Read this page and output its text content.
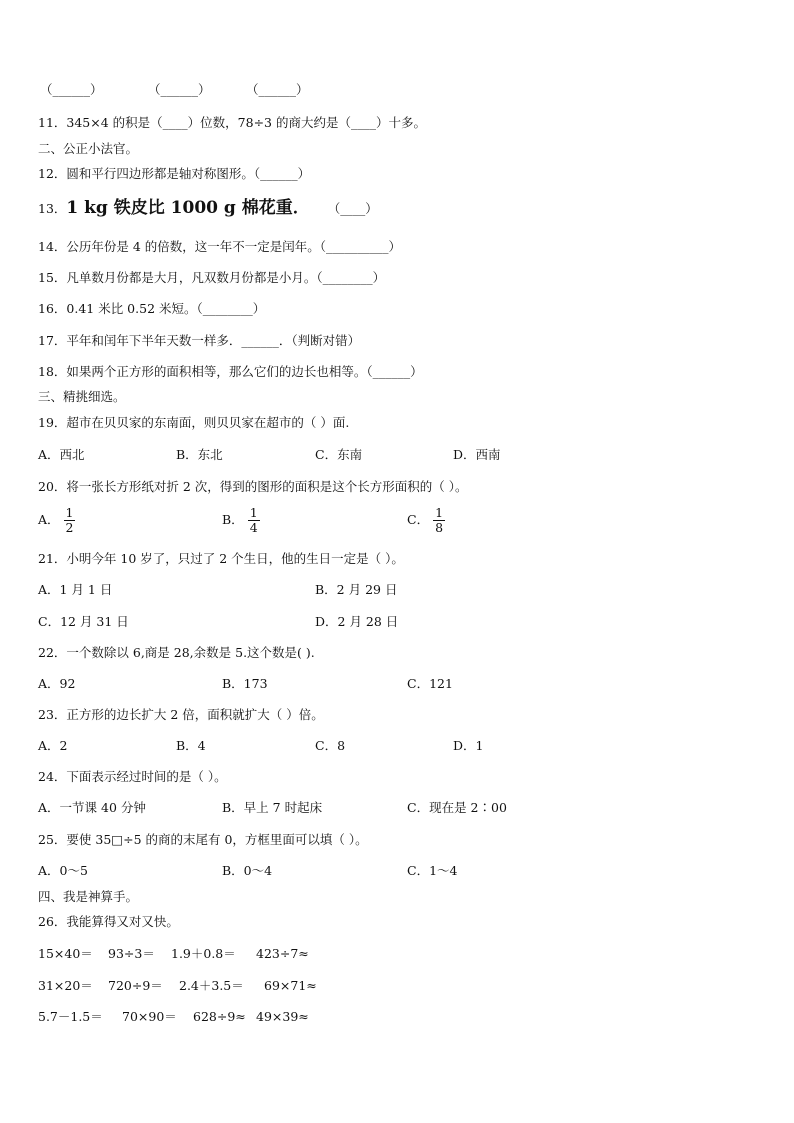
（______）	（______）	（______）
11．345×4 的积是（____）位数，78÷3 的商大约是（____）十多。
二、公正小法官。
12．圆和平行四边形都是轴对称图形。（______）
13．1 kg 铁皮比 1000 g 棉花重． （____）
14．公历年份是 4 的倍数，这一年不一定是闰年。（__________）
15．凡单数月份都是大月，凡双数月份都是小月。（________）
16．0.41 米比 0.52 米短。（________）
17．平年和闰年下半年天数一样多．______．（判断对错）
18．如果两个正方形的面积相等，那么它们的边长也相等。（______）
三、精挑细选。
19．超市在贝贝家的东南面，则贝贝家在超市的（ ）面.
A．西北	B．东北	C．东南	D．西南
20．将一张长方形纸对折 2 次，得到的图形的面积是这个长方形面积的（ ）。
A． $\frac{1}{2}$	B． $\frac{1}{4}$	C． $\frac{1}{8}$
21．小明今年 10 岁了，只过了 2 个生日，他的生日一定是（ ）。
A．1 月 1 日	B．2 月 29 日
C．12 月 31 日	D．2 月 28 日
22．一个数除以 6,商是 28,余数是 5.这个数是( ).
A．92	B．173	C．121
23．正方形的边长扩大 2 倍，面积就扩大（ ）倍。
A．2	B．4	C．8	D．1
24．下面表示经过时间的是（ ）。
A．一节课 40 分钟	B．早上 7 时起床	C．现在是 2∶00
25．要使 35□÷5 的商的末尾有 0，方框里面可以填（ ）。
A．0～5	B．0～4	C．1～4
四、我是神算手。
26．我能算得又对又快。
15×40＝ 93÷3＝ 1.9＋0.8＝ 423÷7≈
31×20＝ 720÷9＝ 2.4＋3.5＝ 69×71≈
5.7－1.5＝ 70×90＝ 628÷9≈ 49×39≈
